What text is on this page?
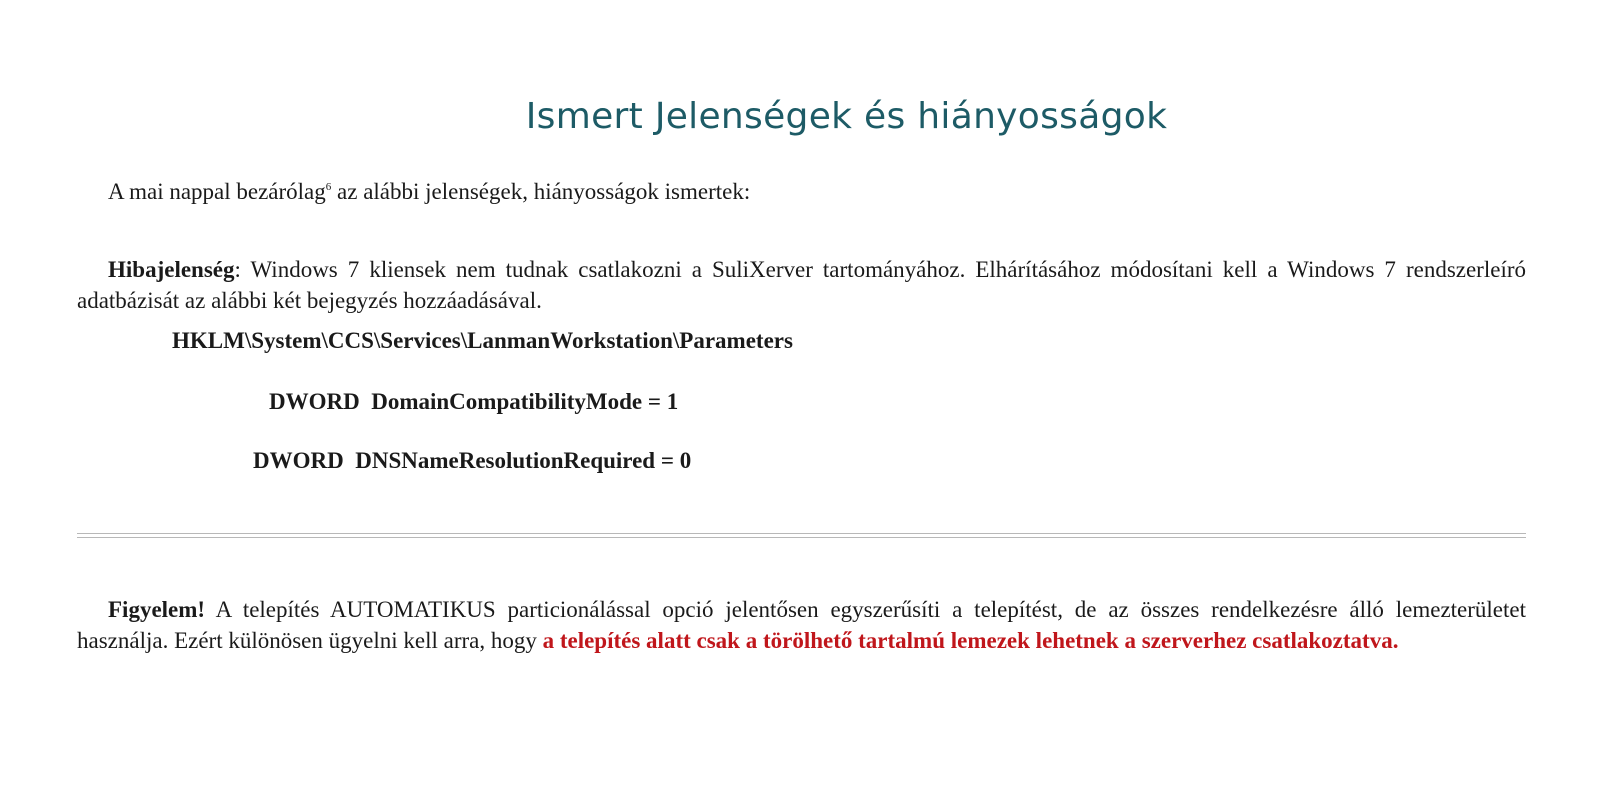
Ismert Jelenségek és hiányosságok
A mai nappal bezárólag$^6$ az alábbi jelenségek, hiányosságok ismertek:
Hibajelenség: Windows 7 kliensek nem tudnak csatlakozni a SuliXerver tartományához. Elhárításához módosítani kell a Windows 7 rendszerleíró adatbázisát az alábbi két bejegyzés hozzáadásával.
HKLM\System\CCS\Services\LanmanWorkstation\Parameters
DWORD  DomainCompatibilityMode = 1
DWORD  DNSNameResolutionRequired = 0
Figyelem! A telepítés AUTOMATIKUS particionálással opció jelentősen egyszerűsíti a telepítést, de az összes rendelkezésre álló lemezterületet használja. Ezért különösen ügyelni kell arra, hogy a telepítés alatt csak a törölhető tartalmú lemezek lehetnek a szerverhez csatlakoztatva.
